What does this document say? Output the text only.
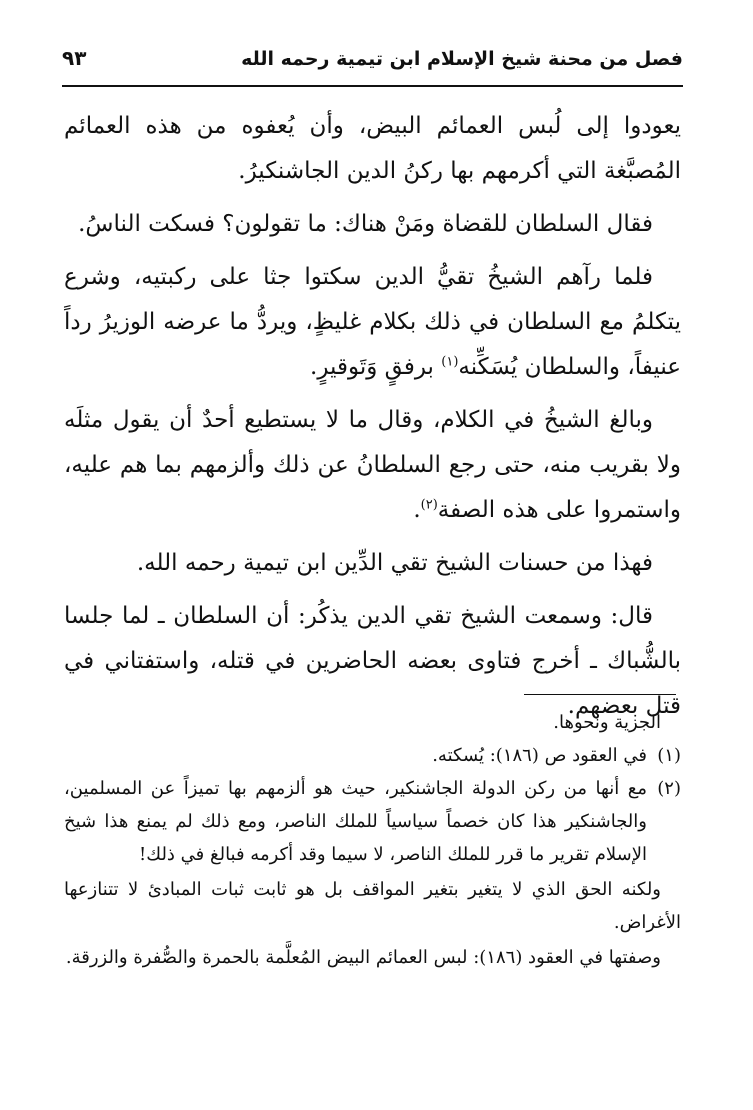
فصل من محنة شيخ الإسلام ابن تيمية رحمه الله
٩٣

يعودوا إلى لُبس العمائم البيض، وأن يُعفوه من هذه العمائم المُصبَّغة التي أكرمهم بها ركنُ الدين الجاشنكيرُ.

فقال السلطان للقضاة ومَنْ هناك: ما تقولون؟ فسكت الناسُ.

فلما رآهم الشيخُ تقيُّ الدين سكتوا جثا على ركبتيه، وشرع يتكلمُ مع السلطان في ذلك بكلام غليظٍ، ويردُّ ما عرضه الوزيرُ رداً عنيفاً، والسلطان يُسَكِّنه$^{(١)}$ برفقٍ وَتَوقيرٍ.

وبالغ الشيخُ في الكلام، وقال ما لا يستطيع أحدٌ أن يقول مثلَه ولا بقريب منه، حتى رجع السلطانُ عن ذلك وألزمهم بما هم عليه، واستمروا على هذه الصفة$^{(٢)}$.

فهذا من حسنات الشيخ تقي الدِّين ابن تيمية رحمه الله.

قال: وسمعت الشيخ تقي الدين يذكُر: أن السلطان ـ لما جلسا بالشُّباك ـ أخرج فتاوى بعضه الحاضرين في قتله، واستفتاني في قتل بعضهم.

الجزية ونحوها.

(١)
في العقود ص (١٨٦): يُسكته.
(٢)
مع أنها من ركن الدولة الجاشنكير، حيث هو ألزمهم بها تميزاً عن المسلمين، والجاشنكير هذا كان خصماً سياسياً للملك الناصر، ومع ذلك لم يمنع هذا شيخ الإسلام تقرير ما قرر للملك الناصر، لا سيما وقد أكرمه فبالغ في ذلك!

ولكنه الحق الذي لا يتغير بتغير المواقف بل هو ثابت ثبات المبادئ لا تتنازعها الأغراض.

وصفتها في العقود (١٨٦): لبس العمائم البيض المُعلَّمة بالحمرة والصُّفرة والزرقة.
